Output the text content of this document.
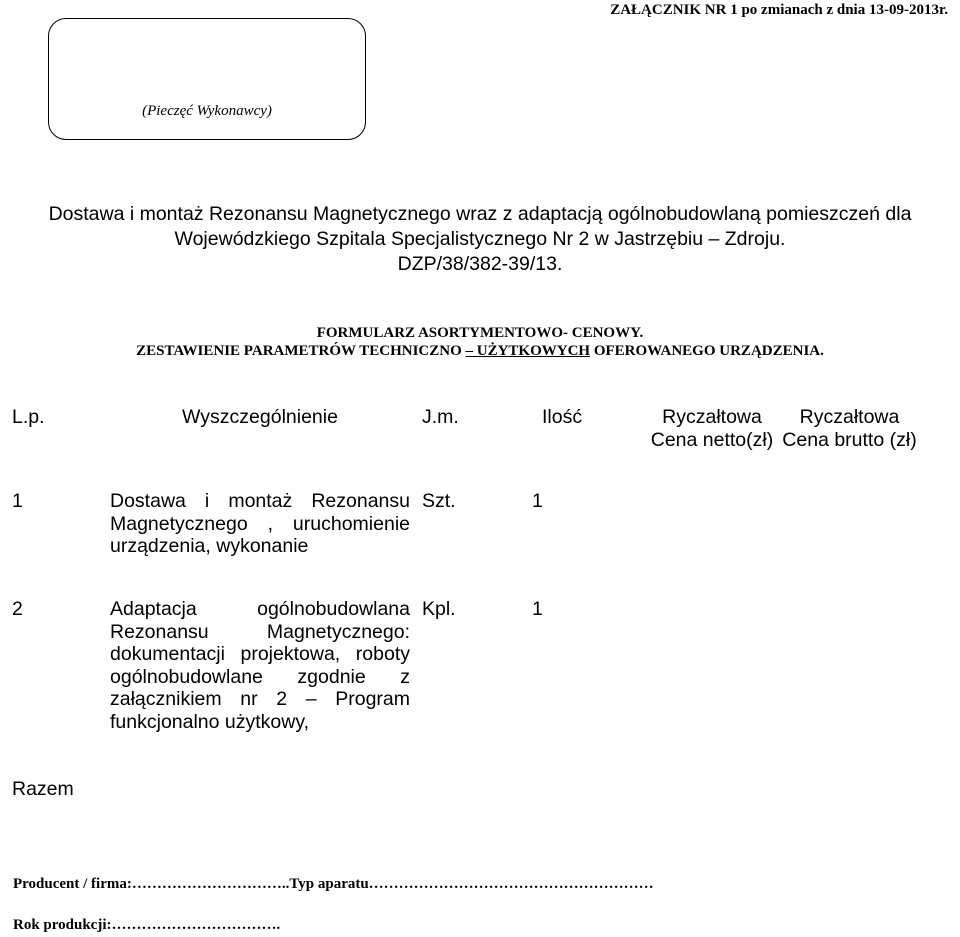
ZAŁĄCZNIK NR 1 po zmianach z dnia 13-09-2013r.
(Pieczęć Wykonawcy)
Dostawa i montaż Rezonansu Magnetycznego wraz z adaptacją ogólnobudowlaną pomieszczeń dla
Wojewódzkiego Szpitala Specjalistycznego Nr 2 w Jastrzębiu – Zdroju.
DZP/38/382-39/13.
FORMULARZ ASORTYMENTOWO- CENOWY.
ZESTAWIENIE PARAMETRÓW TECHNICZNO – UŻYTKOWYCH OFEROWANEGO URZĄDZENIA.
L.p.	Wyszczególnienie	J.m.	Ilość	Ryczałtowa Cena netto(zł)	Ryczałtowa Cena brutto (zł)
1	Dostawa i montaż Rezonansu Magnetycznego , uruchomienie urządzenia, wykonanie	Szt.	1		
2	Adaptacja ogólnobudowlana Rezonansu Magnetycznego: dokumentacji projektowa, roboty ogólnobudowlane zgodnie z załącznikiem nr 2 – Program funkcjonalno użytkowy,	Kpl.	1		
Razem					
Producent / firma:…………………………..Typ aparatu…………………………………………………
Rok produkcji:…………………………….
